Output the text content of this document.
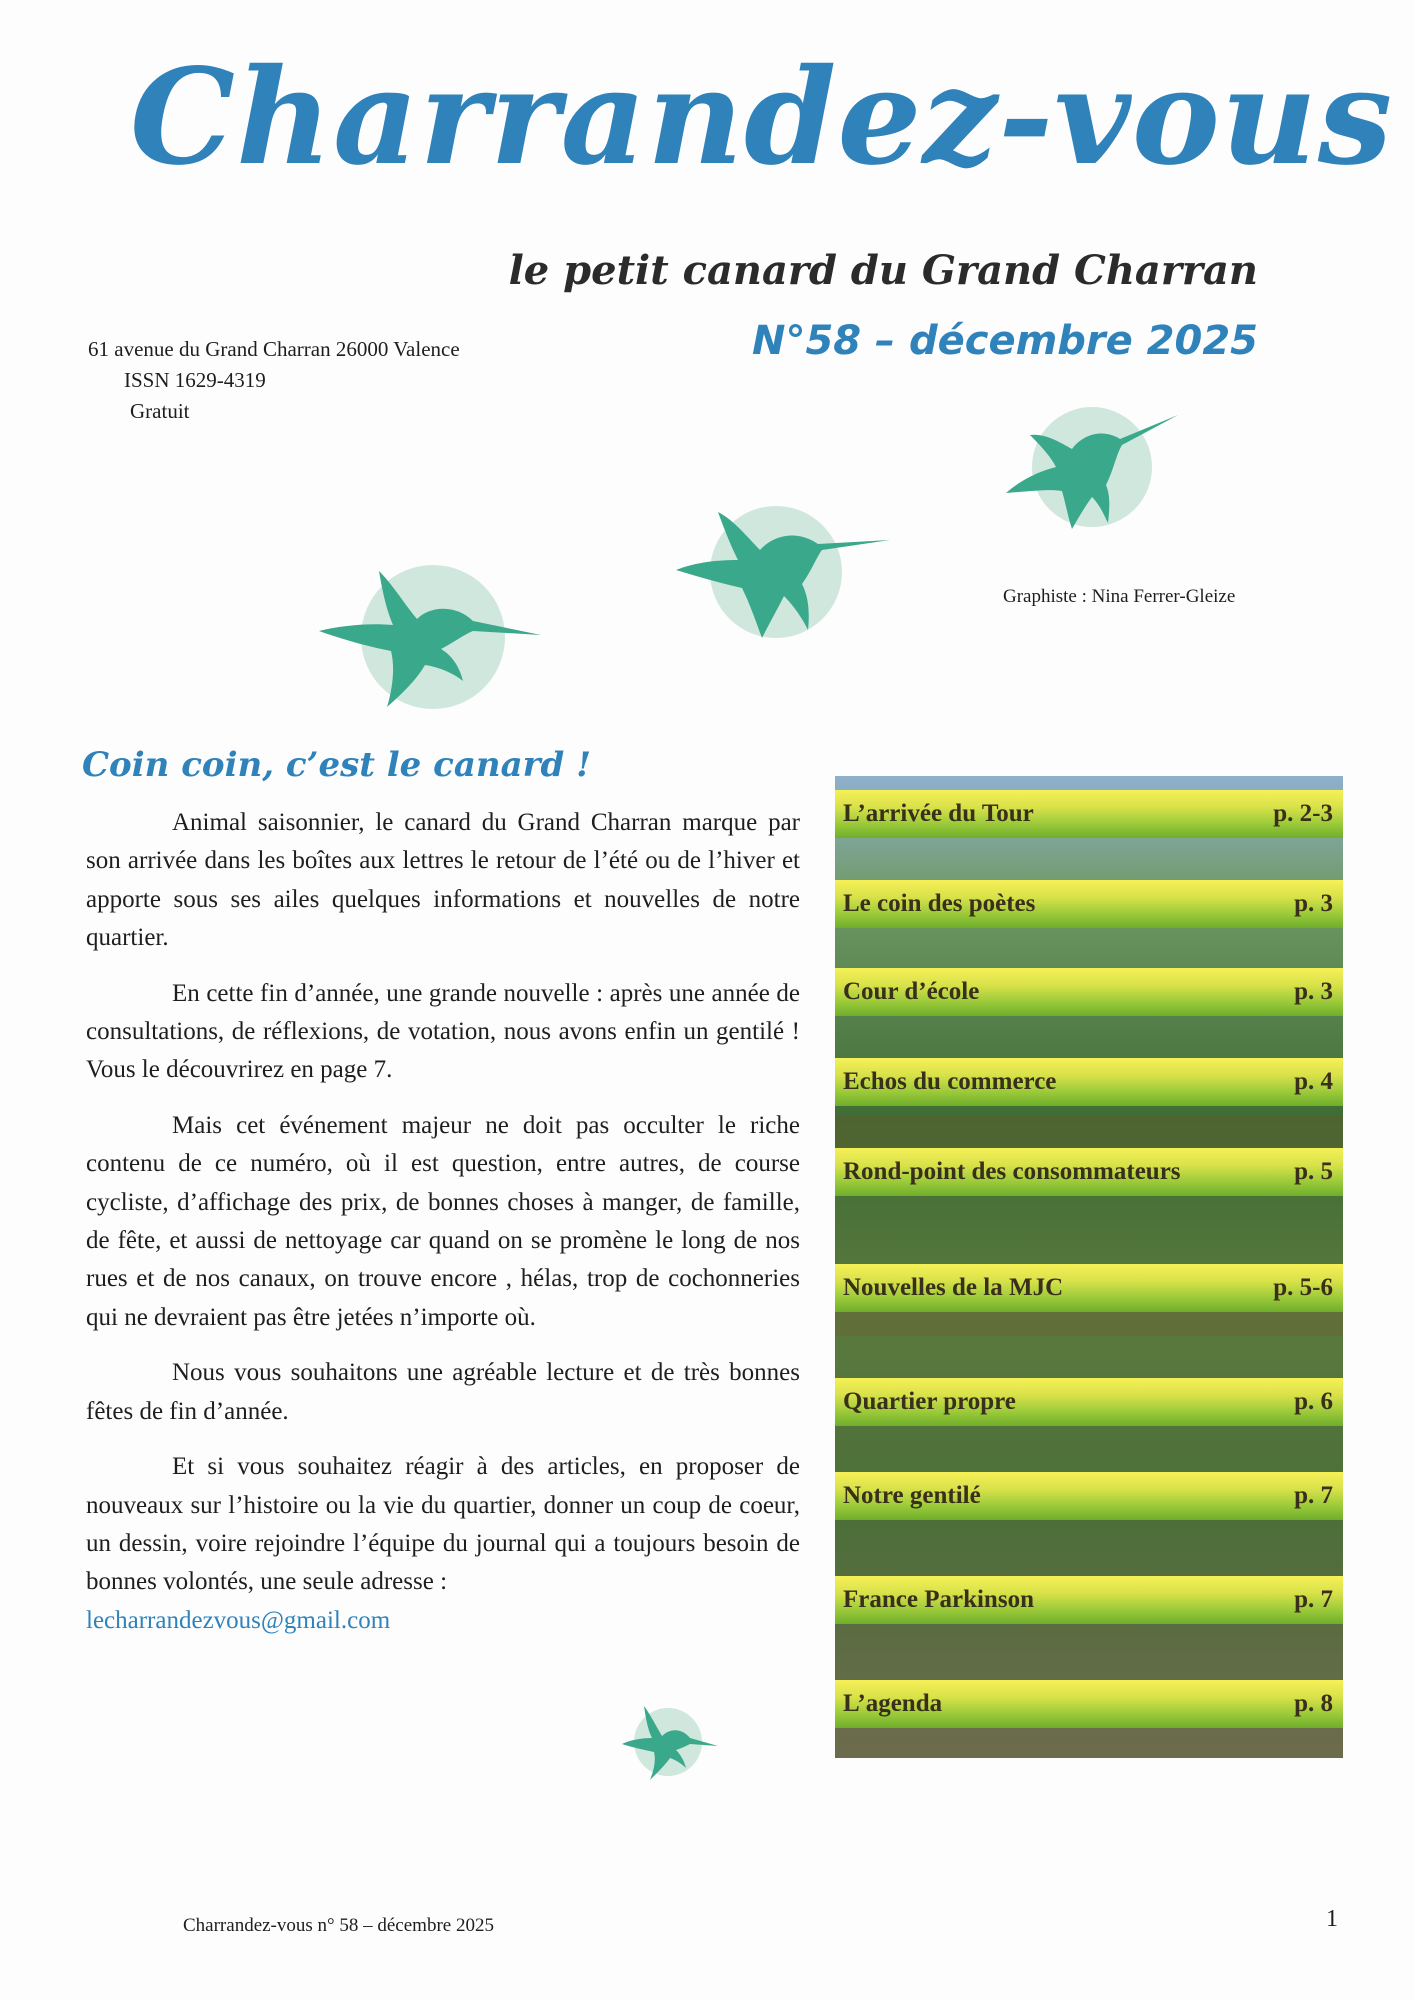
Charrandez-vous
le petit canard du Grand Charran
N°58 – décembre 2025
61 avenue du Grand Charran 26000 Valence
ISSN 1629-4319
Gratuit
Graphiste : Nina Ferrer-Gleize
Coin coin, c’est le canard !

Animal saisonnier, le canard du Grand Charran marque par son arrivée dans les boîtes aux lettres le retour de l’été ou de l’hiver et apporte sous ses ailes quelques informations et nouvelles de notre quartier.

En cette fin d’année, une grande nouvelle : après une année de consultations, de réflexions, de votation, nous avons enfin un gentilé ! Vous le découvrirez en page 7.

Mais cet événement majeur ne doit pas occulter le riche contenu de ce numéro, où il est question, entre autres, de course cycliste, d’affichage des prix, de bonnes choses à manger, de famille, de fête, et aussi de nettoyage car quand on se promène le long de nos rues et de nos canaux, on trouve encore , hélas, trop de cochonneries qui ne devraient pas être jetées n’importe où.

Nous vous souhaitons une agréable lecture et de très bonnes fêtes de fin d’année.

Et si vous souhaitez réagir à des articles, en proposer de nouveaux sur l’histoire ou la vie du quartier, donner un coup de coeur, un dessin, voire rejoindre l’équipe du journal qui a toujours besoin de bonnes volontés, une seule adresse :

lecharrandezvous@gmail.com

L’arrivée du Tour	p. 2-3
Le coin des poètes	p. 3
Cour d’école	p. 3
Echos du commerce	p. 4
Rond-point des consommateurs	p. 5
Nouvelles de la MJC	p. 5-6
Quartier propre	p. 6
Notre gentilé	p. 7
France Parkinson	p. 7
L’agenda	p. 8
Charrandez-vous n° 58 – décembre 2025	1
